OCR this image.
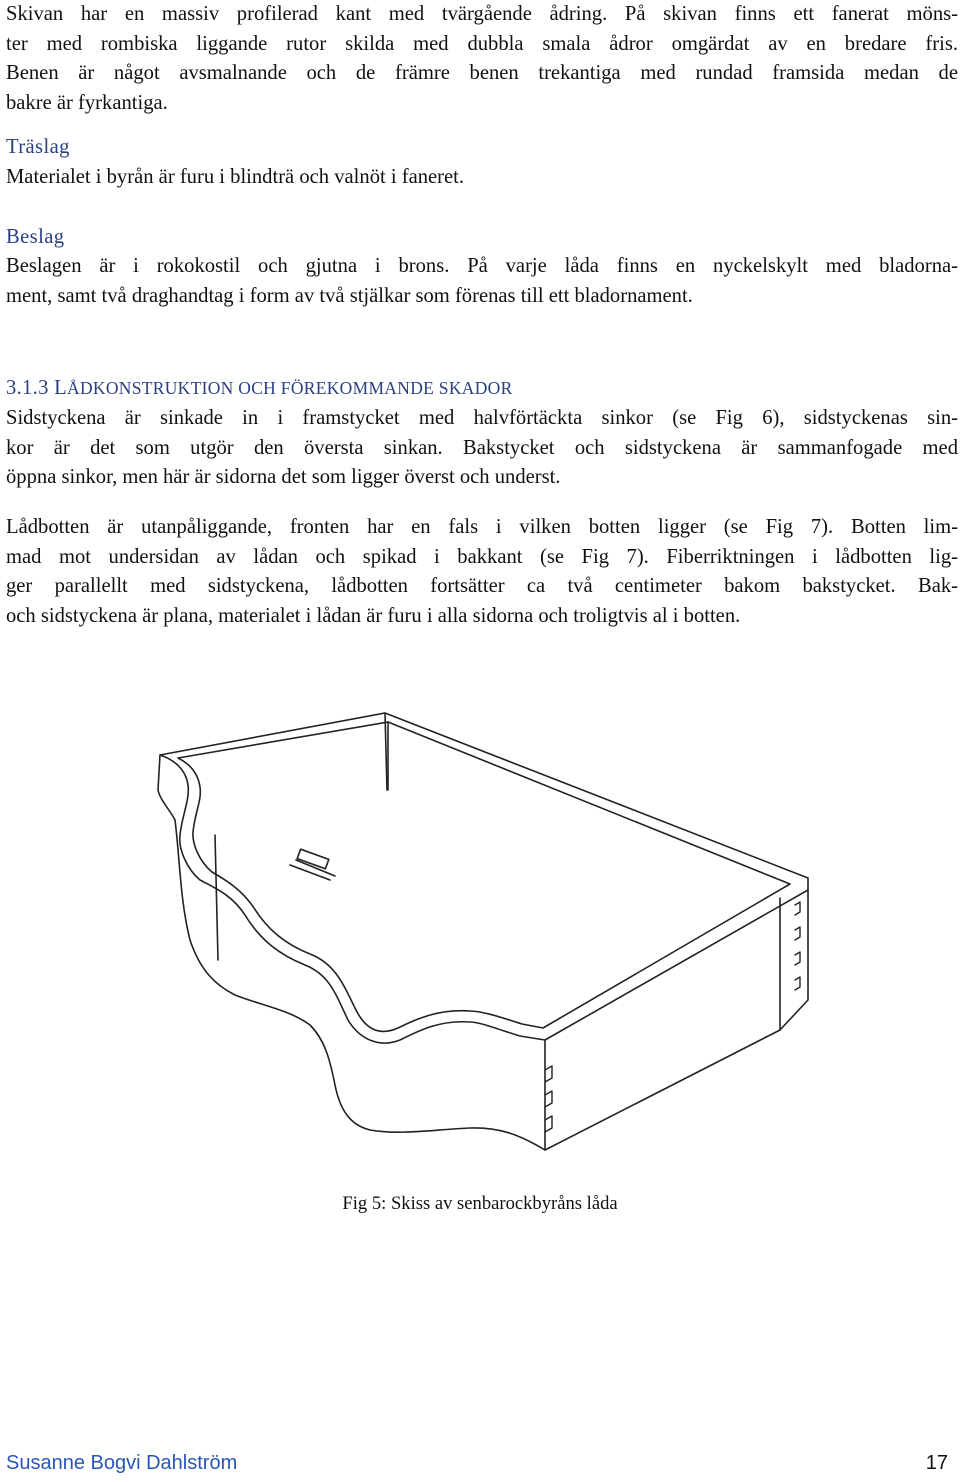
Skivan har en massiv profilerad kant med tvärgående ådring. På skivan finns ett fanerat möns-
ter med rombiska liggande rutor skilda med dubbla smala ådror omgärdat av en bredare fris.
Benen är något avsmalnande och de främre benen trekantiga med rundad framsida medan de
bakre är fyrkantiga.
Träslag
Materialet i byrån är furu i blindträ och valnöt i faneret.
Beslag
Beslagen är i rokokostil och gjutna i brons. På varje låda finns en nyckelskylt med bladorna-
ment, samt två draghandtag i form av två stjälkar som förenas till ett bladornament.
3.1.3 LÅDKONSTRUKTION OCH FÖREKOMMANDE SKADOR
Sidstyckena är sinkade in i framstycket med halvförtäckta sinkor (se Fig 6), sidstyckenas sin-
kor är det som utgör den översta sinkan. Bakstycket och sidstyckena är sammanfogade med
öppna sinkor, men här är sidorna det som ligger överst och underst.
Lådbotten är utanpåliggande, fronten har en fals i vilken botten ligger (se Fig 7). Botten lim-
mad mot undersidan av lådan och spikad i bakkant (se Fig 7). Fiberriktningen i lådbotten lig-
ger parallellt med sidstyckena, lådbotten fortsätter ca två centimeter bakom bakstycket. Bak-
och sidstyckena är plana, materialet i lådan är furu i alla sidorna och troligtvis al i botten.
Fig 5: Skiss av senbarockbyråns låda
Susanne Bogvi Dahlström	17
